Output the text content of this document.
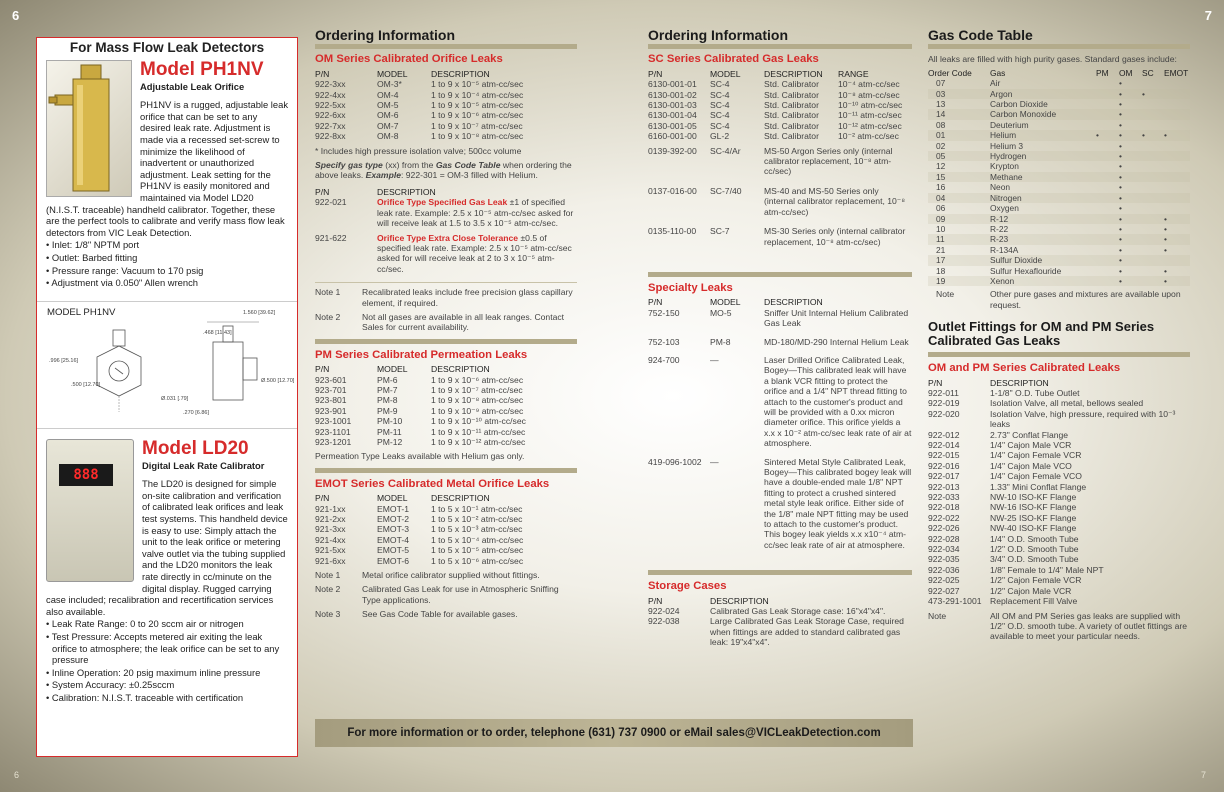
6	7
6	7
For Mass Flow Leak Detectors
Model PH1NV
Adjustable Leak Orifice
PH1NV is a rugged, adjustable leak orifice that can be set to any desired leak rate. Adjustment is made via a recessed set-screw to minimize the likelihood of inadvertent or unauthorized adjustment. Leak setting for the PH1NV is easily monitored and maintained via Model LD20 (N.I.S.T. traceable) handheld calibrator. Together, these are the perfect tools to calibrate and verify mass flow leak detectors from VIC Leak Detection.
• Inlet: 1/8" NPTM port
• Outlet: Barbed fitting
• Pressure range: Vacuum to 170 psig
• Adjustment via 0.050" Allen wrench
MODEL PH1NV	1.560 [39.62]
.468 [11.43]
.996 [25.16]
.500 [12.70]
Ø.500 [12.70]
.270 [6.86]
Ø.031 [.79]
888
Model LD20
Digital Leak Rate Calibrator
The LD20 is designed for simple on-site calibration and verification of calibrated leak orifices and leak test systems. This handheld device is easy to use: Simply attach the unit to the leak orifice or metering valve outlet via the tubing supplied and the LD20 monitors the leak rate directly in cc/minute on the digital display. Rugged carrying case included; recalibration and recertification services also available.
• Leak Rate Range: 0 to 20 sccm air or nitrogen
• Test Pressure: Accepts metered air exiting the leak orifice to atmosphere; the leak orifice can be set to any pressure
• Inline Operation: 20 psig maximum inline pressure
• System Accuracy: ±0.25sccm
• Calibration: N.I.S.T. traceable with certification
Ordering Information
OM Series Calibrated Orifice Leaks
P/N	MODEL	DESCRIPTION
922-3xx	OM-3*	1 to 9 x 10⁻⁵ atm-cc/sec
922-4xx	OM-4	1 to 9 x 10⁻⁴ atm-cc/sec
922-5xx	OM-5	1 to 9 x 10⁻⁵ atm-cc/sec
922-6xx	OM-6	1 to 9 x 10⁻⁶ atm-cc/sec
922-7xx	OM-7	1 to 9 x 10⁻⁷ atm-cc/sec
922-8xx	OM-8	1 to 9 x 10⁻⁸ atm-cc/sec
* Includes high pressure isolation valve; 500cc volume
Specify gas type (xx) from the Gas Code Table when ordering the above leaks. Example: 922-301 = OM-3 filled with Helium.
P/N	DESCRIPTION
922-021	Orifice Type Specified Gas Leak ±1 of specified leak rate. Example: 2.5 x 10⁻⁵ atm-cc/sec asked for will receive leak at 1.5 to 3.5 x 10⁻⁵ atm-cc/sec.
921-622	Orifice Type Extra Close Tolerance ±0.5 of specified leak rate. Example: 2.5 x 10⁻⁵ atm-cc/sec asked for will receive leak at 2 to 3 x 10⁻⁵ atm-cc/sec.
Note 1	Recalibrated leaks include free precision glass capillary element, if required.
Note 2	Not all gases are available in all leak ranges. Contact Sales for current availability.
PM Series Calibrated Permeation Leaks
P/N	MODEL	DESCRIPTION
923-601	PM-6	1 to 9 x 10⁻⁶ atm-cc/sec
923-701	PM-7	1 to 9 x 10⁻⁷ atm-cc/sec
923-801	PM-8	1 to 9 x 10⁻⁸ atm-cc/sec
923-901	PM-9	1 to 9 x 10⁻⁹ atm-cc/sec
923-1001	PM-10	1 to 9 x 10⁻¹⁰ atm-cc/sec
923-1101	PM-11	1 to 9 x 10⁻¹¹ atm-cc/sec
923-1201	PM-12	1 to 9 x 10⁻¹² atm-cc/sec
Permeation Type Leaks available with Helium gas only.
EMOT Series Calibrated Metal Orifice Leaks
P/N	MODEL	DESCRIPTION
921-1xx	EMOT-1	1 to 5 x 10⁻¹ atm-cc/sec
921-2xx	EMOT-2	1 to 5 x 10⁻² atm-cc/sec
921-3xx	EMOT-3	1 to 5 x 10⁻³ atm-cc/sec
921-4xx	EMOT-4	1 to 5 x 10⁻⁴ atm-cc/sec
921-5xx	EMOT-5	1 to 5 x 10⁻⁵ atm-cc/sec
921-6xx	EMOT-6	1 to 5 x 10⁻⁶ atm-cc/sec
Note 1	Metal orifice calibrator supplied without fittings.
Note 2	Calibrated Gas Leak for use in Atmospheric Sniffing Type applications.
Note 3	See Gas Code Table for available gases.
Ordering Information
SC Series Calibrated Gas Leaks
P/N	MODEL	DESCRIPTION	RANGE
6130-001-01	SC-4	Std. Calibrator	10⁻⁴ atm-cc/sec
6130-001-02	SC-4	Std. Calibrator	10⁻⁸ atm-cc/sec
6130-001-03	SC-4	Std. Calibrator	10⁻¹⁰ atm-cc/sec
6130-001-04	SC-4	Std. Calibrator	10⁻¹¹ atm-cc/sec
6130-001-05	SC-4	Std. Calibrator	10⁻¹² atm-cc/sec
6160-001-00	GL-2	Std. Calibrator	10⁻² atm-cc/sec
0139-392-00	SC-4/Ar	MS-50 Argon Series only (internal calibrator replacement, 10⁻⁸ atm-cc/sec)
0137-016-00	SC-7/40	MS-40 and MS-50 Series only (internal calibrator replacement, 10⁻⁸ atm-cc/sec)
0135-110-00	SC-7	MS-30 Series only (internal calibrator replacement, 10⁻⁸ atm-cc/sec)
Specialty Leaks
P/N	MODEL	DESCRIPTION
752-150	MO-5	Sniffer Unit Internal Helium Calibrated Gas Leak
752-103	PM-8	MD-180/MD-290 Internal Helium Leak
924-700	—	Laser Drilled Orifice Calibrated Leak, Bogey—This calibrated leak will have a blank VCR fitting to protect the orifice and a 1/4" NPT thread fitting to attach to the customer's product and will be provided with a 0.xx micron diameter orifice. This orifice yields a x.x x 10⁻² atm-cc/sec leak rate of air at atmosphere.
419-096-1002	—	Sintered Metal Style Calibrated Leak, Bogey—This calibrated bogey leak will have a double-ended male 1/8" NPT fitting to protect a crushed sintered metal style leak orifice. Either side of the 1/8" male NPT fitting may be used to attach to the customer's product. This bogey leak yields x.x x10⁻⁴ atm-cc/sec leak rate of air at atmosphere.
Storage Cases
P/N	DESCRIPTION
922-024	Calibrated Gas Leak Storage case: 16"x4"x4".
922-038	Large Calibrated Gas Leak Storage Case, required when fittings are added to standard calibrated gas leak: 19"x4"x4".
Gas Code Table
All leaks are filled with high purity gases. Standard gases include:
Order Code	Gas	PM	OM	SC	EMOT
07	Air		•		
03	Argon		•	•	
13	Carbon Dioxide		•		
14	Carbon Monoxide		•		
08	Deuterium		•		
01	Helium	•	•	•	•
02	Helium 3		•		
05	Hydrogen		•		
12	Krypton		•		
15	Methane		•		
16	Neon		•		
04	Nitrogen		•		
06	Oxygen		•		
09	R-12		•		•
10	R-22		•		•
11	R-23		•		•
21	R-134A		•		•
17	Sulfur Dioxide		•		
18	Sulfur Hexaflouride		•		•
19	Xenon		•		•
Note	Other pure gases and mixtures are available upon request.
Outlet Fittings for OM and PM Series Calibrated Gas Leaks
OM and PM Series Calibrated Leaks
P/N	DESCRIPTION
922-011	1-1/8" O.D. Tube Outlet
922-019	Isolation Valve, all metal, bellows sealed
922-020	Isolation Valve, high pressure, required with 10⁻³ leaks
922-012	2.73" Conflat Flange
922-014	1/4" Cajon Male VCR
922-015	1/4" Cajon Female VCR
922-016	1/4" Cajon Male VCO
922-017	1/4" Cajon Female VCO
922-013	1.33" Mini Conflat Flange
922-033	NW-10 ISO-KF Flange
922-018	NW-16 ISO-KF Flange
922-022	NW-25 ISO-KF Flange
922-026	NW-40 ISO-KF Flange
922-028	1/4" O.D. Smooth Tube
922-034	1/2" O.D. Smooth Tube
922-035	3/4" O.D. Smooth Tube
922-036	1/8" Female to 1/4" Male NPT
922-025	1/2" Cajon Female VCR
922-027	1/2" Cajon Male VCR
473-291-1001	Replacement Fill Valve
Note	All OM and PM Series gas leaks are supplied with 1/2" O.D. smooth tube. A variety of outlet fittings are available to meet your particular needs.
For more information or to order, telephone (631) 737 0900 or eMail sales@VICLeakDetection.com
